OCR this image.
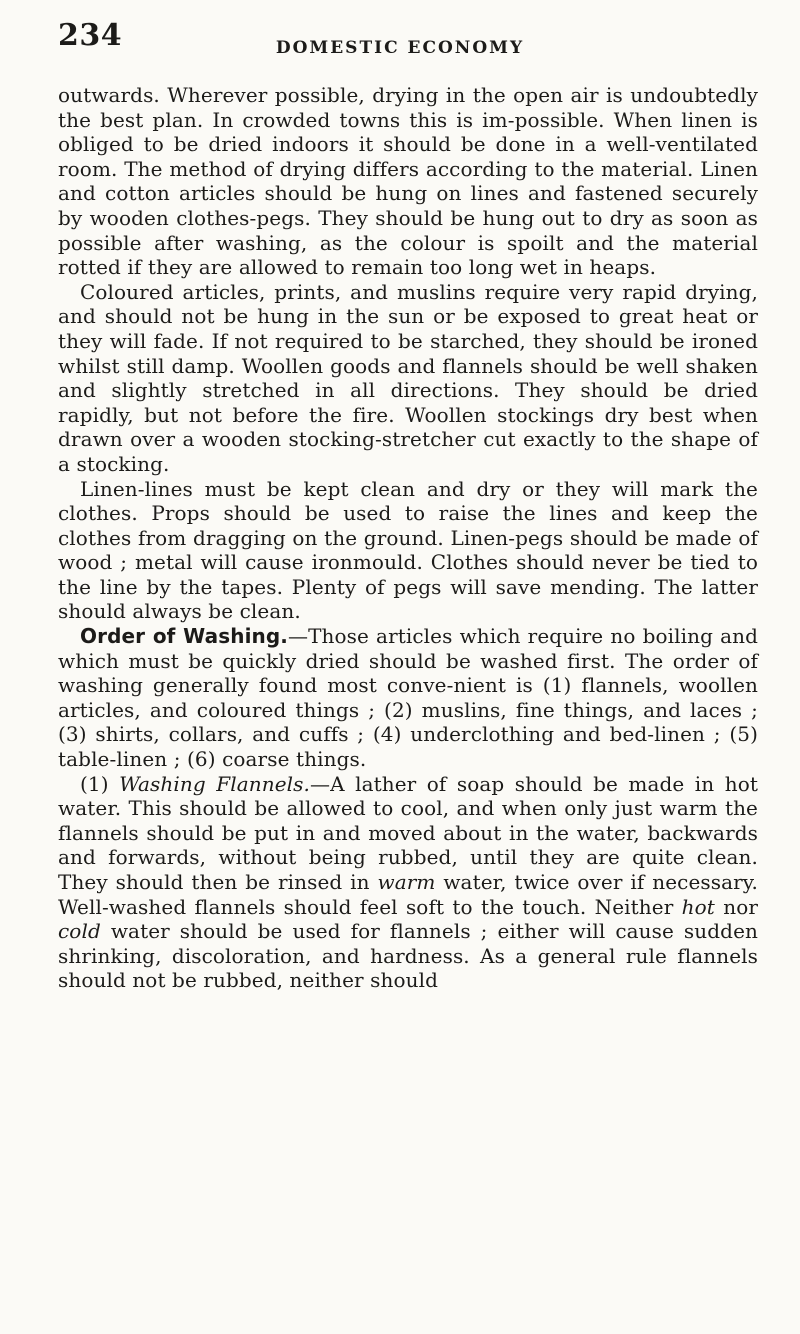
234	DOMESTIC ECONOMY

outwards. Wherever possible, drying in the open air is undoubtedly the best plan. In crowded towns this is im-possible. When linen is obliged to be dried indoors it should be done in a well-ventilated room. The method of drying differs according to the material. Linen and cotton articles should be hung on lines and fastened securely by wooden clothes-pegs. They should be hung out to dry as soon as possible after washing, as the colour is spoilt and the material rotted if they are allowed to remain too long wet in heaps.

Coloured articles, prints, and muslins require very rapid drying, and should not be hung in the sun or be exposed to great heat or they will fade. If not required to be starched, they should be ironed whilst still damp. Woollen goods and flannels should be well shaken and slightly stretched in all directions. They should be dried rapidly, but not before the fire. Woollen stockings dry best when drawn over a wooden stocking-stretcher cut exactly to the shape of a stocking.

Linen-lines must be kept clean and dry or they will mark the clothes. Props should be used to raise the lines and keep the clothes from dragging on the ground. Linen-pegs should be made of wood ; metal will cause ironmould. Clothes should never be tied to the line by the tapes. Plenty of pegs will save mending. The latter should always be clean.

Order of Washing.—Those articles which require no boiling and which must be quickly dried should be washed first. The order of washing generally found most conve-nient is (1) flannels, woollen articles, and coloured things ; (2) muslins, fine things, and laces ; (3) shirts, collars, and cuffs ; (4) underclothing and bed-linen ; (5) table-linen ; (6) coarse things.

(1) Washing Flannels.—A lather of soap should be made in hot water. This should be allowed to cool, and when only just warm the flannels should be put in and moved about in the water, backwards and forwards, without being rubbed, until they are quite clean. They should then be rinsed in warm water, twice over if necessary. Well-washed flannels should feel soft to the touch. Neither hot nor cold water should be used for flannels ; either will cause sudden shrinking, discoloration, and hardness. As a general rule flannels should not be rubbed, neither should
